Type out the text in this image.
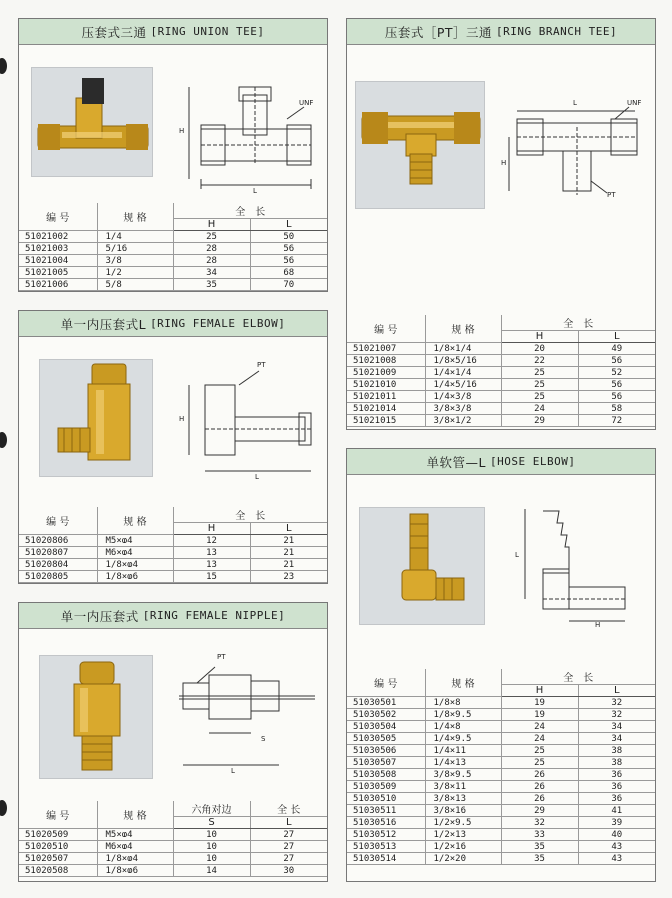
压套式三通 [RING UNION TEE]
H
L
UNF
编 号	规 格	全　长	
		H	L
51021002	1/4	25	50
51021003	5/16	28	56
51021004	3/8	28	56
51021005	1/2	34	68
51021006	5/8	35	70
压套式［PT］三通 [RING BRANCH TEE]
L	UNF
H
PT
编 号	规 格	全　长	
		H	L
51021007	1/8×1/4	20	49
51021008	1/8×5/16	22	56
51021009	1/4×1/4	25	52
51021010	1/4×5/16	25	56
51021011	1/4×3/8	25	56
51021014	3/8×3/8	24	58
51021015	3/8×1/2	29	72
单一内压套式L [RING FEMALE ELBOW]
PT
H
L
编 号	规 格	全　长	
		H	L
51020806	M5×ⱷ4	12	21
51020807	M6×ⱷ4	13	21
51020804	1/8×ⱷ4	13	21
51020805	1/8×ⱷ6	15	23
单软管—L [HOSE ELBOW]
L
H
编 号	规 格	全　长	
		H	L
51030501	1/8×8	19	32
51030502	1/8×9.5	19	32
51030504	1/4×8	24	34
51030505	1/4×9.5	24	34
51030506	1/4×11	25	38
51030507	1/4×13	25	38
51030508	3/8×9.5	26	36
51030509	3/8×11	26	36
51030510	3/8×13	26	36
51030511	3/8×16	29	41
51030516	1/2×9.5	32	39
51030512	1/2×13	33	40
51030513	1/2×16	35	43
51030514	1/2×20	35	43
单一内压套式 [RING FEMALE NIPPLE]
PT
S
L
编 号	规 格	六角对边	全 长
		S	L
51020509	M5×ⱷ4	10	27
51020510	M6×ⱷ4	10	27
51020507	1/8×ⱷ4	10	27
51020508	1/8×ⱷ6	14	30
